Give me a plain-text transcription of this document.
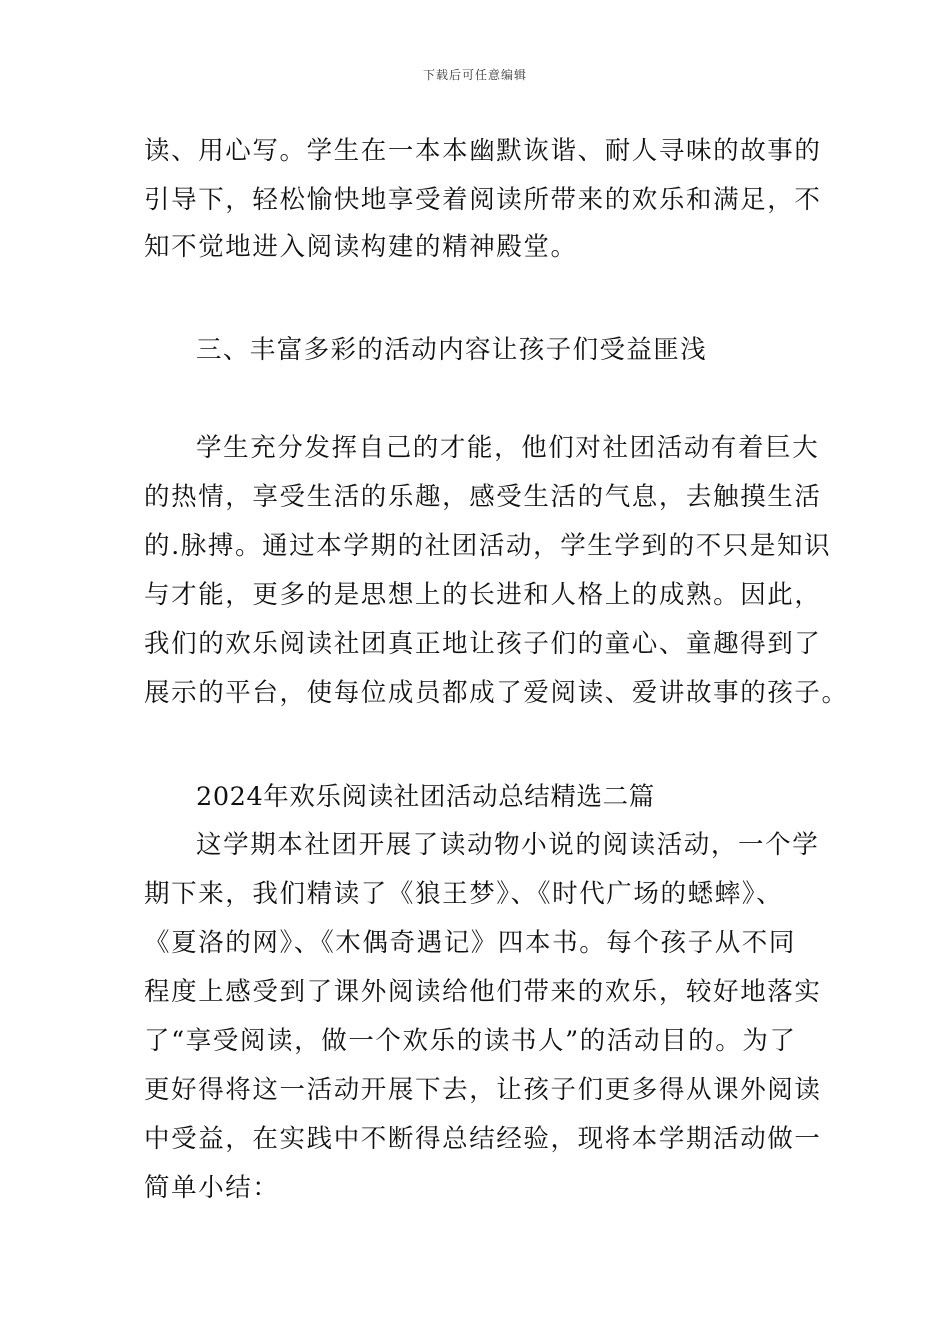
下载后可任意编辑
读、用心写。学生在一本本幽默诙谐、耐人寻味的故事的
引导下，轻松愉快地享受着阅读所带来的欢乐和满足，不
知不觉地进入阅读构建的精神殿堂。
三、丰富多彩的活动内容让孩子们受益匪浅
学生充分发挥自己的才能，他们对社团活动有着巨大
的热情，享受生活的乐趣，感受生活的气息，去触摸生活
的.脉搏。通过本学期的社团活动，学生学到的不只是知识
与才能，更多的是思想上的长进和人格上的成熟。因此，
我们的欢乐阅读社团真正地让孩子们的童心、童趣得到了
展示的平台，使每位成员都成了爱阅读、爱讲故事的孩子。
2024年欢乐阅读社团活动总结精选二篇
这学期本社团开展了读动物小说的阅读活动，一个学
期下来，我们精读了《狼王梦》、《时代广场的蟋蟀》、
《夏洛的网》、《木偶奇遇记》四本书。每个孩子从不同
程度上感受到了课外阅读给他们带来的欢乐，较好地落实
了“享受阅读，做一个欢乐的读书人”的活动目的。为了
更好得将这一活动开展下去，让孩子们更多得从课外阅读
中受益，在实践中不断得总结经验，现将本学期活动做一
简单小结：
